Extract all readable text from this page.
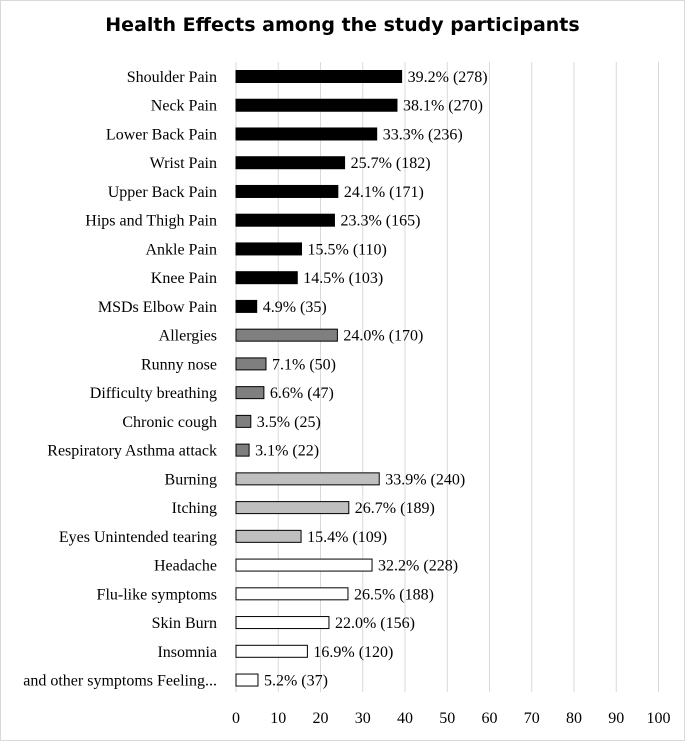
Health Effects among the study participants
Shoulder Pain
Neck Pain
Lower Back Pain
Wrist Pain
Upper Back Pain
Hips and Thigh Pain
Ankle Pain
Knee Pain
MSDs Elbow Pain
Allergies
Runny nose
Difficulty breathing
Chronic cough
Respiratory Asthma attack
Burning
Itching
Eyes Unintended tearing
Headache
Flu-like symptoms
Skin Burn
Insomnia
and other symptoms Feeling...
39.2% (278)
38.1% (270)
33.3% (236)
25.7% (182)
24.1% (171)
23.3% (165)
15.5% (110)
14.5% (103)
4.9% (35)
24.0% (170)
7.1% (50)
6.6% (47)
3.5% (25)
3.1% (22)
33.9% (240)
26.7% (189)
15.4% (109)
32.2% (228)
26.5% (188)
22.0% (156)
16.9% (120)
5.2% (37)
0 10 20 30 40 50 60 70 80 90 100
